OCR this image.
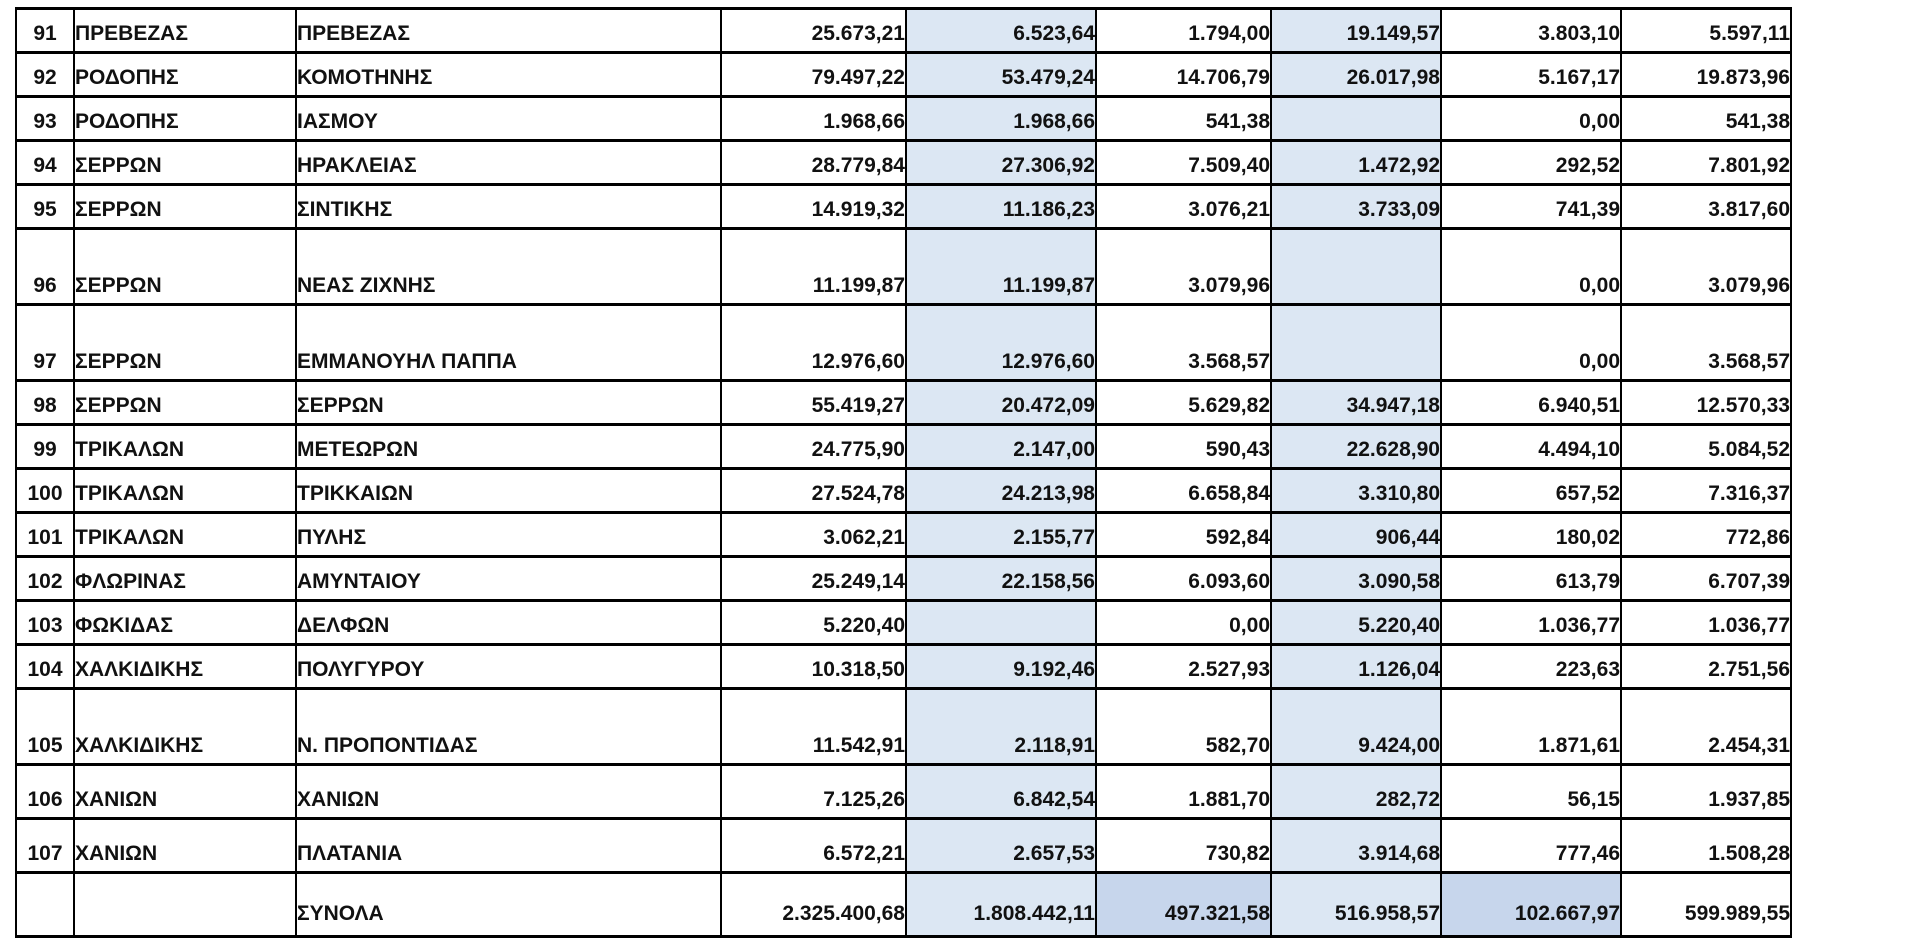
91	ΠΡΕΒΕΖΑΣ	ΠΡΕΒΕΖΑΣ	25.673,21	6.523,64	1.794,00	19.149,57	3.803,10	5.597,11
92	ΡΟΔΟΠΗΣ	ΚΟΜΟΤΗΝΗΣ	79.497,22	53.479,24	14.706,79	26.017,98	5.167,17	19.873,96
93	ΡΟΔΟΠΗΣ	ΙΑΣΜΟΥ	1.968,66	1.968,66	541,38		0,00	541,38
94	ΣΕΡΡΩΝ	ΗΡΑΚΛΕΙΑΣ	28.779,84	27.306,92	7.509,40	1.472,92	292,52	7.801,92
95	ΣΕΡΡΩΝ	ΣΙΝΤΙΚΗΣ	14.919,32	11.186,23	3.076,21	3.733,09	741,39	3.817,60
96	ΣΕΡΡΩΝ	ΝΕΑΣ ΖΙΧΝΗΣ	11.199,87	11.199,87	3.079,96		0,00	3.079,96
97	ΣΕΡΡΩΝ	ΕΜΜΑΝΟΥΗΛ ΠΑΠΠΑ	12.976,60	12.976,60	3.568,57		0,00	3.568,57
98	ΣΕΡΡΩΝ	ΣΕΡΡΩΝ	55.419,27	20.472,09	5.629,82	34.947,18	6.940,51	12.570,33
99	ΤΡΙΚΑΛΩΝ	ΜΕΤΕΩΡΩΝ	24.775,90	2.147,00	590,43	22.628,90	4.494,10	5.084,52
100	ΤΡΙΚΑΛΩΝ	ΤΡΙΚΚΑΙΩΝ	27.524,78	24.213,98	6.658,84	3.310,80	657,52	7.316,37
101	ΤΡΙΚΑΛΩΝ	ΠΥΛΗΣ	3.062,21	2.155,77	592,84	906,44	180,02	772,86
102	ΦΛΩΡΙΝΑΣ	ΑΜΥΝΤΑΙΟΥ	25.249,14	22.158,56	6.093,60	3.090,58	613,79	6.707,39
103	ΦΩΚΙΔΑΣ	ΔΕΛΦΩΝ	5.220,40		0,00	5.220,40	1.036,77	1.036,77
104	ΧΑΛΚΙΔΙΚΗΣ	ΠΟΛΥΓΥΡΟΥ	10.318,50	9.192,46	2.527,93	1.126,04	223,63	2.751,56
105	ΧΑΛΚΙΔΙΚΗΣ	Ν. ΠΡΟΠΟΝΤΙΔΑΣ	11.542,91	2.118,91	582,70	9.424,00	1.871,61	2.454,31
106	ΧΑΝΙΩΝ	ΧΑΝΙΩΝ	7.125,26	6.842,54	1.881,70	282,72	56,15	1.937,85
107	ΧΑΝΙΩΝ	ΠΛΑΤΑΝΙΑ	6.572,21	2.657,53	730,82	3.914,68	777,46	1.508,28
		ΣΥΝΟΛΑ	2.325.400,68	1.808.442,11	497.321,58	516.958,57	102.667,97	599.989,55
